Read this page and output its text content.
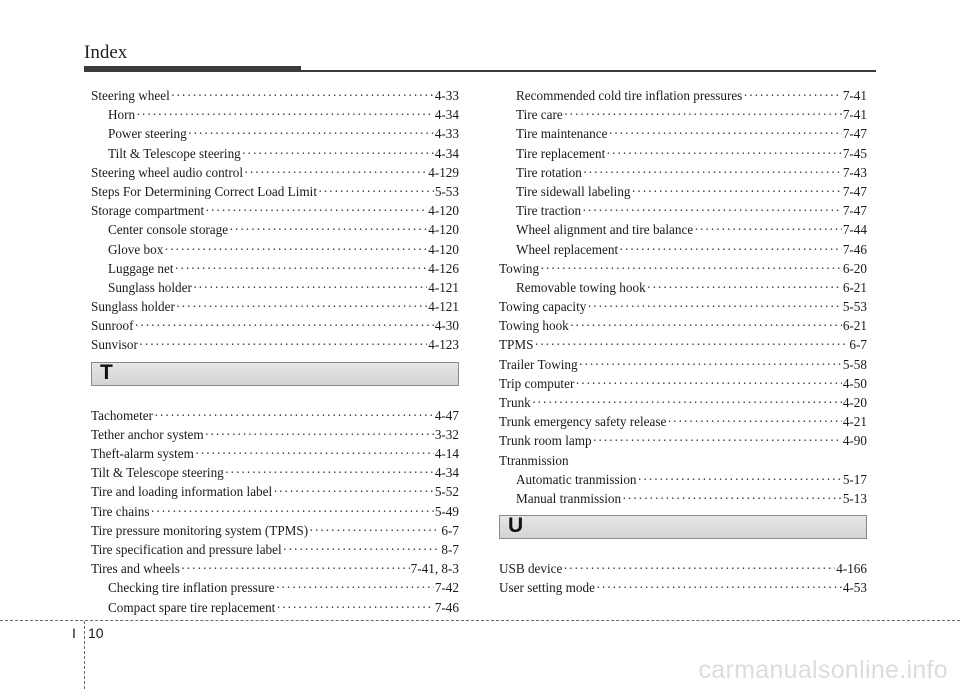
Index
Steering wheel ·····	4-33
Horn ·····	4-34
Power steering ·····	4-33
Tilt & Telescope steering ·····	4-34
Steering wheel audio control ·····	4-129
Steps For Determining Correct Load Limit ·····	5-53
Storage compartment ·····	4-120
Center console storage ·····	4-120
Glove box ·····	4-120
Luggage net ·····	4-126
Sunglass holder ·····	4-121
Sunglass holder ·····	4-121
Sunroof ·····	4-30
Sunvisor ·····	4-123
T
Tachometer ·····	4-47
Tether anchor system ·····	3-32
Theft-alarm system ·····	4-14
Tilt & Telescope steering ·····	4-34
Tire and loading information label ·····	5-52
Tire chains ·····	5-49
Tire pressure monitoring system (TPMS) ·····	6-7
Tire specification and pressure label ·····	8-7
Tires and wheels ·····	7-41, 8-3
Checking tire inflation pressure ·····	7-42
Compact spare tire replacement ·····	7-46
Recommended cold tire inflation pressures ·····	7-41
Tire care ·····	7-41
Tire maintenance ·····	7-47
Tire replacement ·····	7-45
Tire rotation ·····	7-43
Tire sidewall labeling ·····	7-47
Tire traction ·····	7-47
Wheel alignment and tire balance ·····	7-44
Wheel replacement ·····	7-46
Towing ·····	6-20
Removable towing hook ·····	6-21
Towing capacity ·····	5-53
Towing hook ·····	6-21
TPMS ·····	6-7
Trailer Towing ·····	5-58
Trip computer ·····	4-50
Trunk ·····	4-20
Trunk emergency safety release ·····	4-21
Trunk room lamp ·····	4-90
Ttranmission
Automatic tranmission ·····	5-17
Manual tranmission ·····	5-13
U
USB device ·····	4-166
User setting mode ·····	4-53
I 10
carmanualsonline.info
